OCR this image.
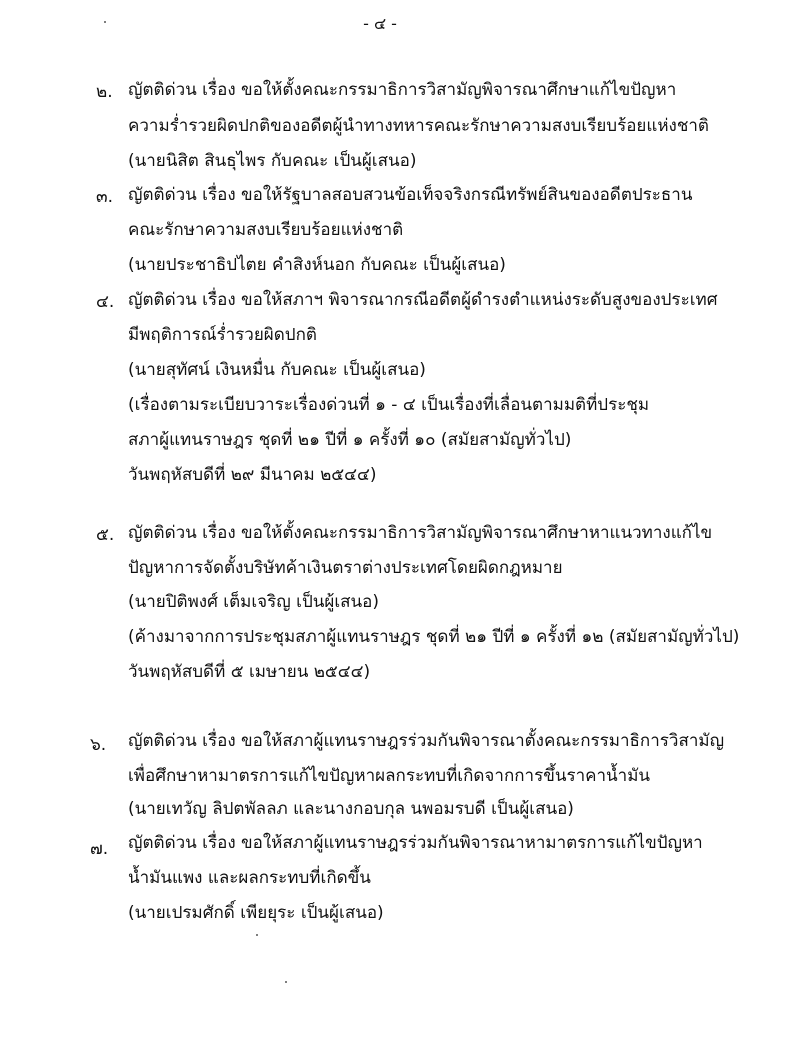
- ๔ -
๒. ญัตติด่วน เรื่อง ขอให้ตั้งคณะกรรมาธิการวิสามัญพิจารณาศึกษาแก้ไขปัญหา
ความร่ำรวยผิดปกติของอดีตผู้นำทางทหารคณะรักษาความสงบเรียบร้อยแห่งชาติ
(นายนิสิต สินธุไพร กับคณะ เป็นผู้เสนอ)
๓. ญัตติด่วน เรื่อง ขอให้รัฐบาลสอบสวนข้อเท็จจริงกรณีทรัพย์สินของอดีตประธาน
คณะรักษาความสงบเรียบร้อยแห่งชาติ
(นายประชาธิปไตย คำสิงห์นอก กับคณะ เป็นผู้เสนอ)
๔. ญัตติด่วน เรื่อง ขอให้สภาฯ พิจารณากรณีอดีตผู้ดำรงตำแหน่งระดับสูงของประเทศ
มีพฤติการณ์ร่ำรวยผิดปกติ
(นายสุทัศน์ เงินหมื่น กับคณะ เป็นผู้เสนอ)
(เรื่องตามระเบียบวาระเรื่องด่วนที่ ๑ - ๔ เป็นเรื่องที่เลื่อนตามมติที่ประชุม
สภาผู้แทนราษฎร ชุดที่ ๒๑ ปีที่ ๑ ครั้งที่ ๑๐ (สมัยสามัญทั่วไป)
วันพฤหัสบดีที่ ๒๙ มีนาคม ๒๕๔๔)
๕. ญัตติด่วน เรื่อง ขอให้ตั้งคณะกรรมาธิการวิสามัญพิจารณาศึกษาหาแนวทางแก้ไข
ปัญหาการจัดตั้งบริษัทค้าเงินตราต่างประเทศโดยผิดกฎหมาย
(นายปิติพงศ์ เต็มเจริญ เป็นผู้เสนอ)
(ค้างมาจากการประชุมสภาผู้แทนราษฎร ชุดที่ ๒๑ ปีที่ ๑ ครั้งที่ ๑๒ (สมัยสามัญทั่วไป)
วันพฤหัสบดีที่ ๕ เมษายน ๒๕๔๔)
๖. ญัตติด่วน เรื่อง ขอให้สภาผู้แทนราษฎรร่วมกันพิจารณาตั้งคณะกรรมาธิการวิสามัญ
เพื่อศึกษาหามาตรการแก้ไขปัญหาผลกระทบที่เกิดจากการขึ้นราคาน้ำมัน
(นายเทวัญ ลิปตพัลลภ และนางกอบกุล นพอมรบดี เป็นผู้เสนอ)
๗. ญัตติด่วน เรื่อง ขอให้สภาผู้แทนราษฎรร่วมกันพิจารณาหามาตรการแก้ไขปัญหา
น้ำมันแพง และผลกระทบที่เกิดขึ้น
(นายเปรมศักดิ์ เพียยุระ เป็นผู้เสนอ)
